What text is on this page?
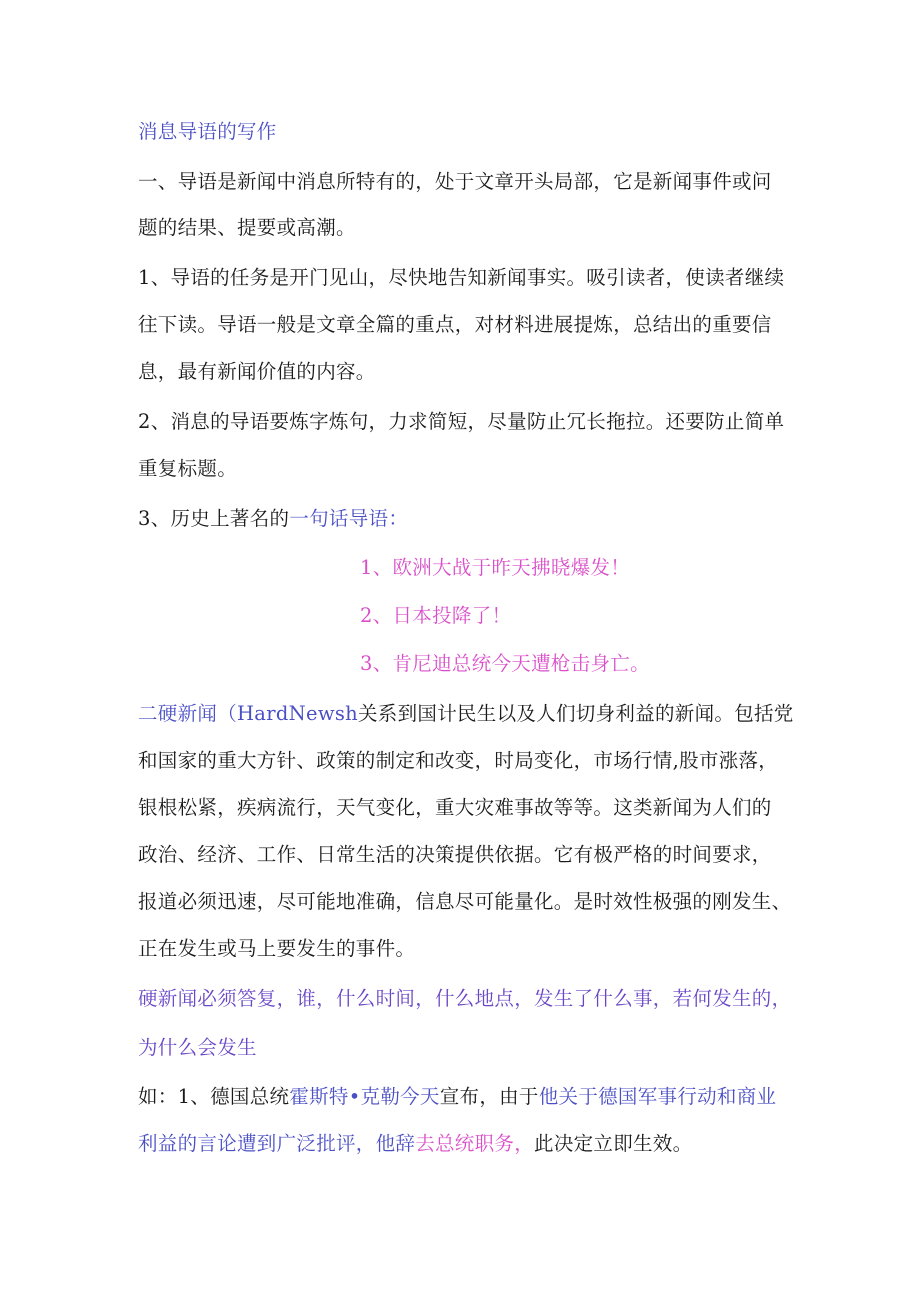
消息导语的写作
一、导语是新闻中消息所特有的，处于文章开头局部，它是新闻事件或问
题的结果、提要或高潮。
1、导语的任务是开门见山，尽快地告知新闻事实。吸引读者，使读者继续
往下读。导语一般是文章全篇的重点，对材料进展提炼，总结出的重要信
息，最有新闻价值的内容。
2、消息的导语要炼字炼句，力求简短，尽量防止冗长拖拉。还要防止简单
重复标题。
3、历史上著名的一句话导语：
1、欧洲大战于昨天拂晓爆发！
2、日本投降了！
3、肯尼迪总统今天遭枪击身亡。
二硬新闻（HardNewsh关系到国计民生以及人们切身利益的新闻。包括党
和国家的重大方针、政策的制定和改变，时局变化，市场行情,股市涨落，
银根松紧，疾病流行，天气变化，重大灾难事故等等。这类新闻为人们的
政治、经济、工作、日常生活的决策提供依据。它有极严格的时间要求，
报道必须迅速，尽可能地准确，信息尽可能量化。是时效性极强的刚发生、
正在发生或马上要发生的事件。
硬新闻必须答复，谁，什么时间，什么地点，发生了什么事，若何发生的，
为什么会发生
如：1、德国总统霍斯特•克勒今天宣布，由于他关于德国军事行动和商业
利益的言论遭到广泛批评，他辞去总统职务，此决定立即生效。
